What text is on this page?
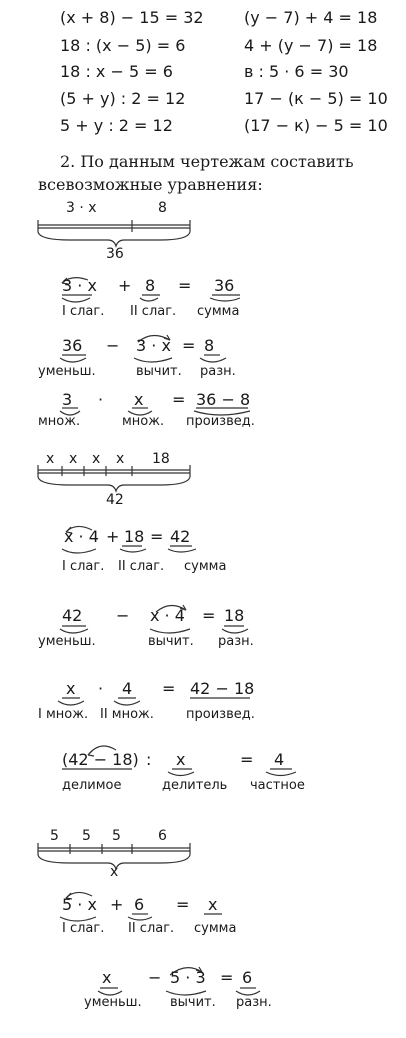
(x + 8) − 15 = 32
18 : (x − 5) = 6
18 : x − 5 = 6
(5 + y) : 2 = 12
5 + y : 2 = 12
(y − 7) + 4 = 18
4 + (y − 7) = 18
в : 5 · 6 = 30
17 − (к − 5) = 10
(17 − к) − 5 = 10
2. По данным чертежам составить
всевозможные уравнения:
3 · x	8
36
3 · x + 8 = 36
I слаг. II слаг. сумма
36 − 3 · x = 8
уменьш.	вычит. разн.
3 · x = 36 − 8
множ.	множ. произвед.
x x x x 18
42
x · 4 + 18 = 42
I слаг. II слаг. сумма
42 − x · 4 = 18
уменьш.	вычит. разн.
x · 4 = 42 − 18
I множ. II множ. произвед.
(42 − 18) : x	= 4
делимое	делитель частное
5 5 5	6
x
5 · x + 6 = x
I слаг. II слаг. сумма
x − 5 · 3 = 6
уменьш. вычит. разн.
